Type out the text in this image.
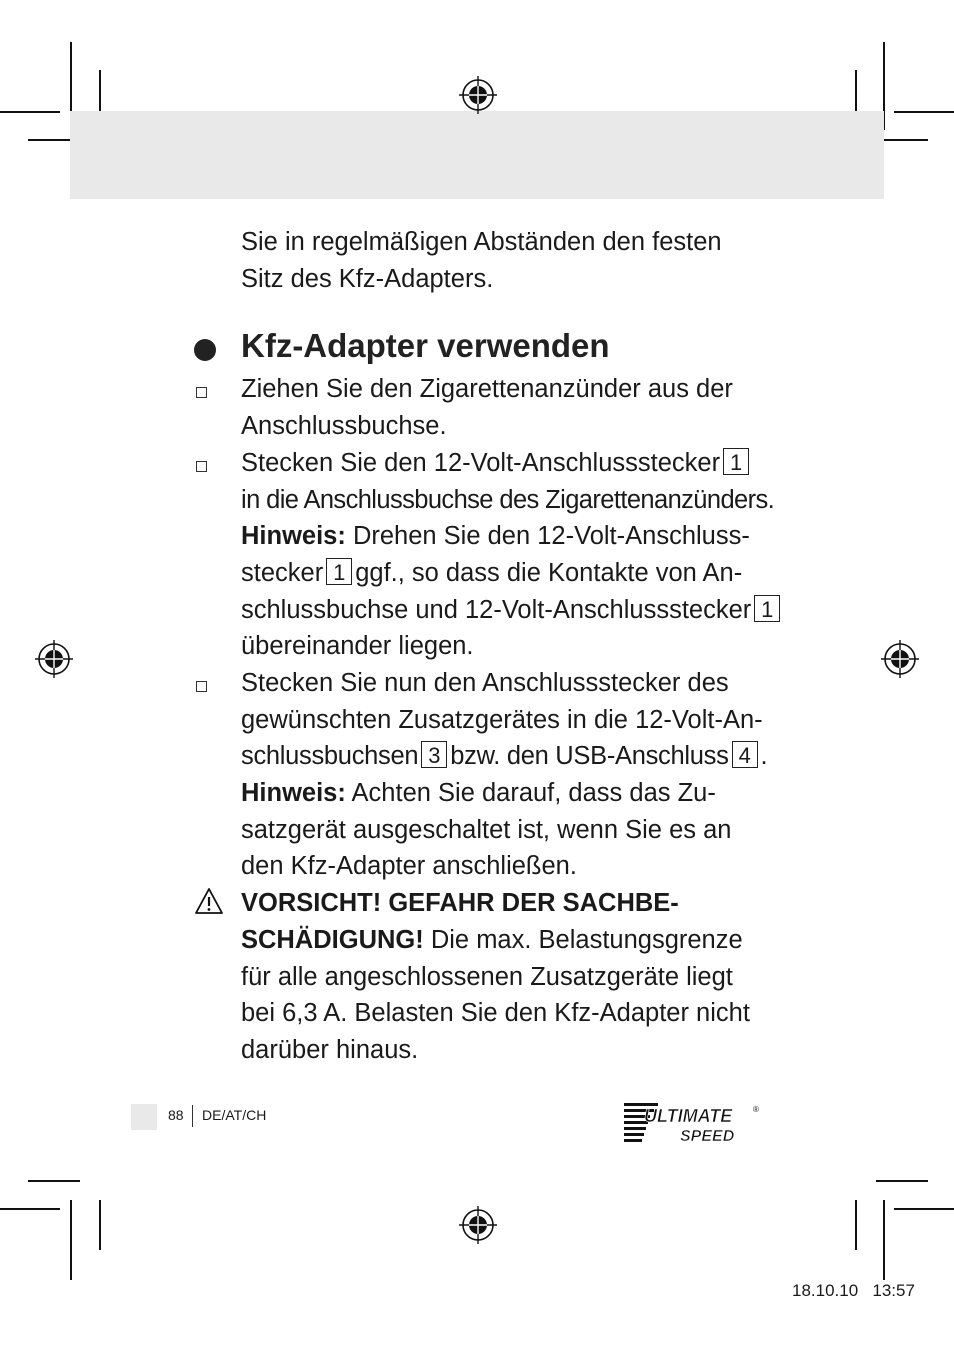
Sie in regelmäßigen Abständen den festen
Sitz des Kfz-Adapters.
Kfz-Adapter verwenden
Ziehen Sie den Zigarettenanzünder aus der
Anschlussbuchse.
Stecken Sie den 12-Volt-Anschlussstecker 1
in die Anschlussbuchse des Zigarettenanzünders.
Hinweis: Drehen Sie den 12-Volt-Anschluss-
stecker 1 ggf., so dass die Kontakte von An-
schlussbuchse und 12-Volt-Anschlussstecker 1
übereinander liegen.
Stecken Sie nun den Anschlussstecker des
gewünschten Zusatzgerätes in die 12-Volt-An-
schlussbuchsen 3 bzw. den USB-Anschluss 4 .
Hinweis: Achten Sie darauf, dass das Zu-
satzgerät ausgeschaltet ist, wenn Sie es an
den Kfz-Adapter anschließen.
VORSICHT! GEFAHR DER SACHBE-
SCHÄDIGUNG! Die max. Belastungsgrenze
für alle angeschlossenen Zusatzgeräte liegt
bei 6,3 A. Belasten Sie den Kfz-Adapter nicht
darüber hinaus.
88 DE/AT/CH	ULTIMATE
SPEED
®
18.10.10 13:57
